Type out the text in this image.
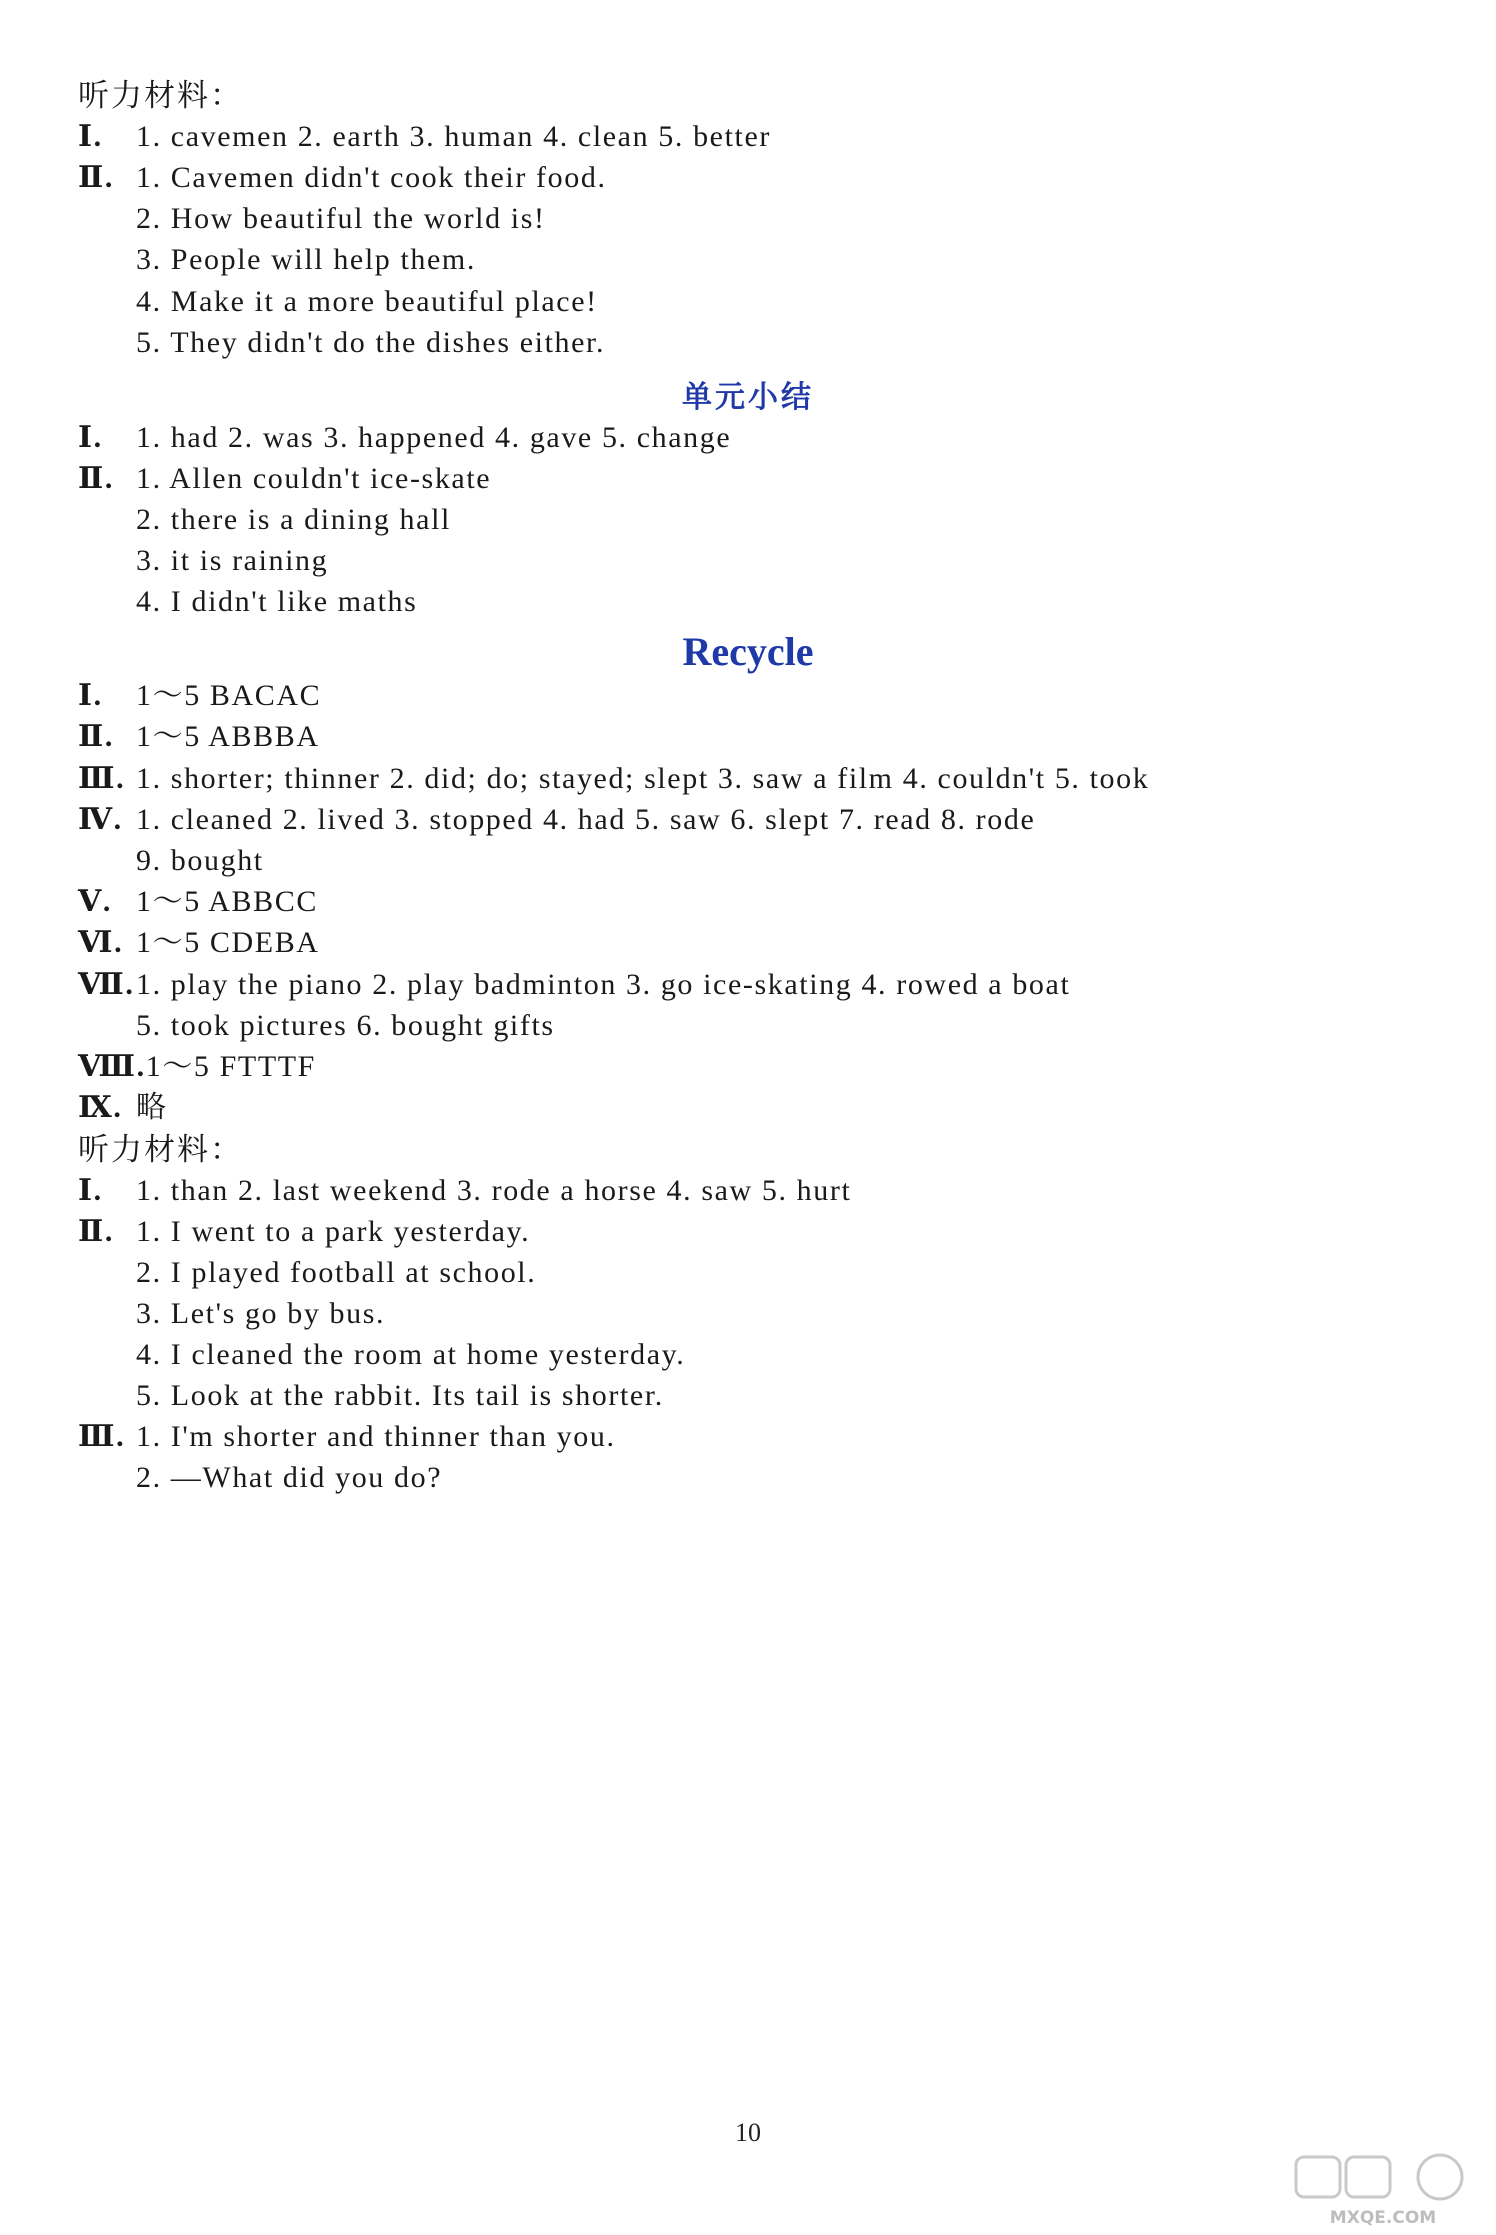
听力材料：
Ⅰ. 1. cavemen 2. earth 3. human 4. clean 5. better
Ⅱ. 1. Cavemen didn't cook their food.
2. How beautiful the world is!
3. People will help them.
4. Make it a more beautiful place!
5. They didn't do the dishes either.
单元小结
Ⅰ. 1. had 2. was 3. happened 4. gave 5. change
Ⅱ. 1. Allen couldn't ice-skate
2. there is a dining hall
3. it is raining
4. I didn't like maths
Recycle
Ⅰ. 1～5 BACAC
Ⅱ. 1～5 ABBBA
Ⅲ. 1. shorter; thinner 2. did; do; stayed; slept 3. saw a film 4. couldn't 5. took
Ⅳ. 1. cleaned 2. lived 3. stopped 4. had 5. saw 6. slept 7. read 8. rode
9. bought
Ⅴ. 1～5 ABBCC
Ⅵ. 1～5 CDEBA
Ⅶ.1. play the piano 2. play badminton 3. go ice-skating 4. rowed a boat
5. took pictures 6. bought gifts
Ⅷ.1～5 FTTTF
Ⅸ. 略
听力材料：
Ⅰ. 1. than 2. last weekend 3. rode a horse 4. saw 5. hurt
Ⅱ. 1. I went to a park yesterday.
2. I played football at school.
3. Let's go by bus.
4. I cleaned the room at home yesterday.
5. Look at the rabbit. Its tail is shorter.
Ⅲ. 1. I'm shorter and thinner than you.
2. —What did you do?
10
MXQE.COM
